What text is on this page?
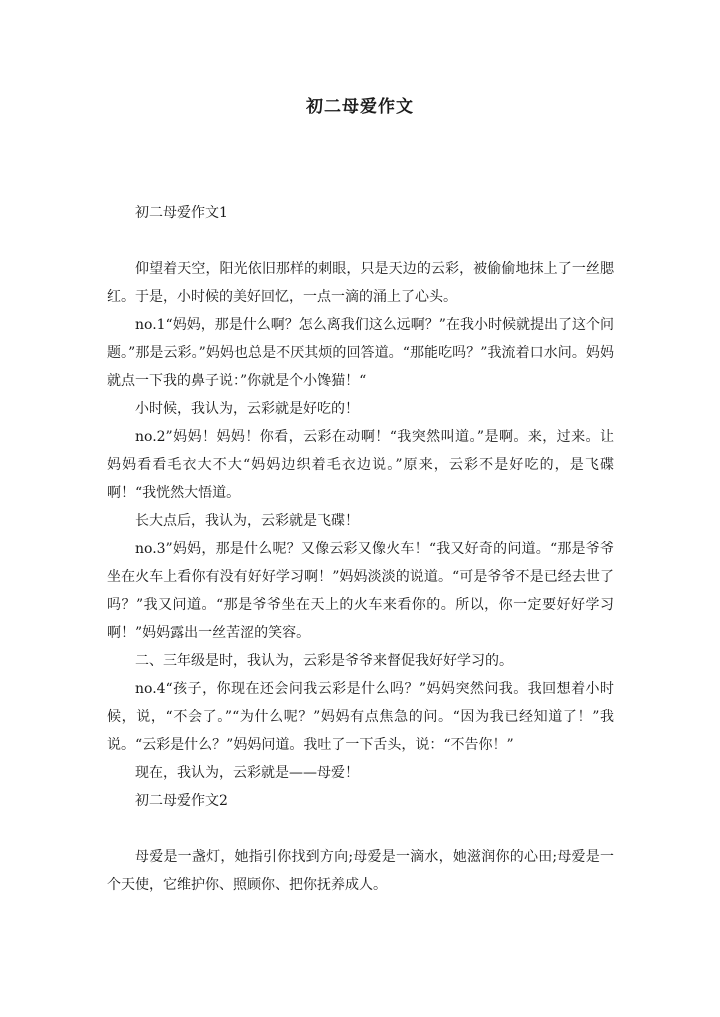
初二母爱作文

初二母爱作文1

仰望着天空，阳光依旧那样的刺眼，只是天边的云彩，被偷偷地抹上了一丝腮红。于是，小时候的美好回忆，一点一滴的涌上了心头。

no.1“妈妈，那是什么啊？怎么离我们这么远啊？”在我小时候就提出了这个问题。”那是云彩。”妈妈也总是不厌其烦的回答道。“那能吃吗？”我流着口水问。妈妈就点一下我的鼻子说：”你就是个小馋猫！“

小时候，我认为，云彩就是好吃的！

no.2”妈妈！妈妈！你看，云彩在动啊！“我突然叫道。”是啊。来，过来。让妈妈看看毛衣大不大“妈妈边织着毛衣边说。”原来，云彩不是好吃的，是飞碟啊！“我恍然大悟道。

长大点后，我认为，云彩就是飞碟！

no.3”妈妈，那是什么呢？又像云彩又像火车！“我又好奇的问道。“那是爷爷坐在火车上看你有没有好好学习啊！”妈妈淡淡的说道。“可是爷爷不是已经去世了吗？”我又问道。“那是爷爷坐在天上的火车来看你的。所以，你一定要好好学习啊！”妈妈露出一丝苦涩的笑容。

二、三年级是时，我认为，云彩是爷爷来督促我好好学习的。

no.4“孩子，你现在还会问我云彩是什么吗？”妈妈突然问我。我回想着小时候，说，“不会了。”“为什么呢？”妈妈有点焦急的问。“因为我已经知道了！”我说。“云彩是什么？”妈妈问道。我吐了一下舌头，说：“不告你！”

现在，我认为，云彩就是——母爱！

初二母爱作文2

母爱是一盏灯，她指引你找到方向;母爱是一滴水，她滋润你的心田;母爱是一个天使，它维护你、照顾你、把你抚养成人。
